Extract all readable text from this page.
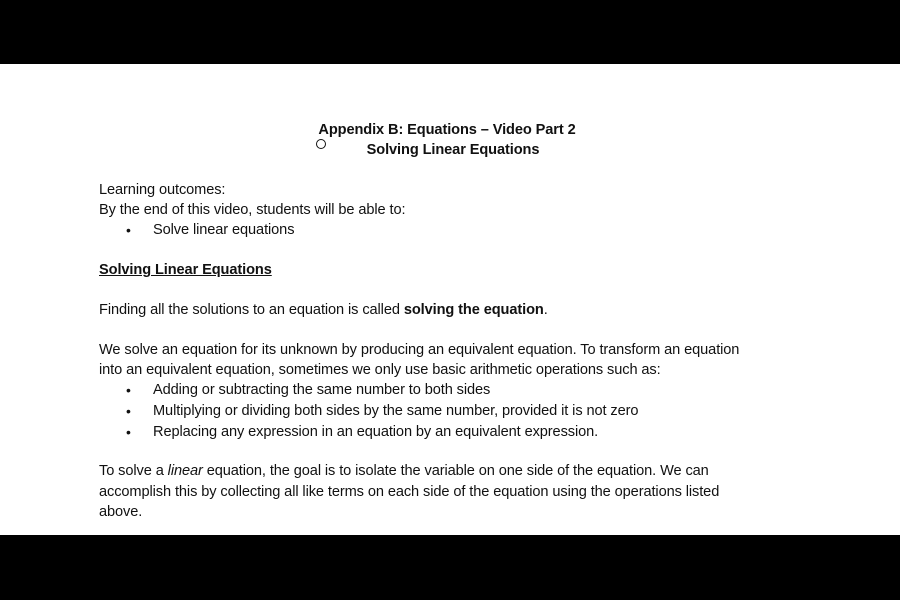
Appendix B: Equations – Video Part 2
Solving Linear Equations
Learning outcomes:
By the end of this video, students will be able to:
• Solve linear equations
Solving Linear Equations
Finding all the solutions to an equation is called solving the equation.
We solve an equation for its unknown by producing an equivalent equation. To transform an equation
into an equivalent equation, sometimes we only use basic arithmetic operations such as:
• Adding or subtracting the same number to both sides
• Multiplying or dividing both sides by the same number, provided it is not zero
• Replacing any expression in an equation by an equivalent expression.
To solve a linear equation, the goal is to isolate the variable on one side of the equation. We can
accomplish this by collecting all like terms on each side of the equation using the operations listed
above.
